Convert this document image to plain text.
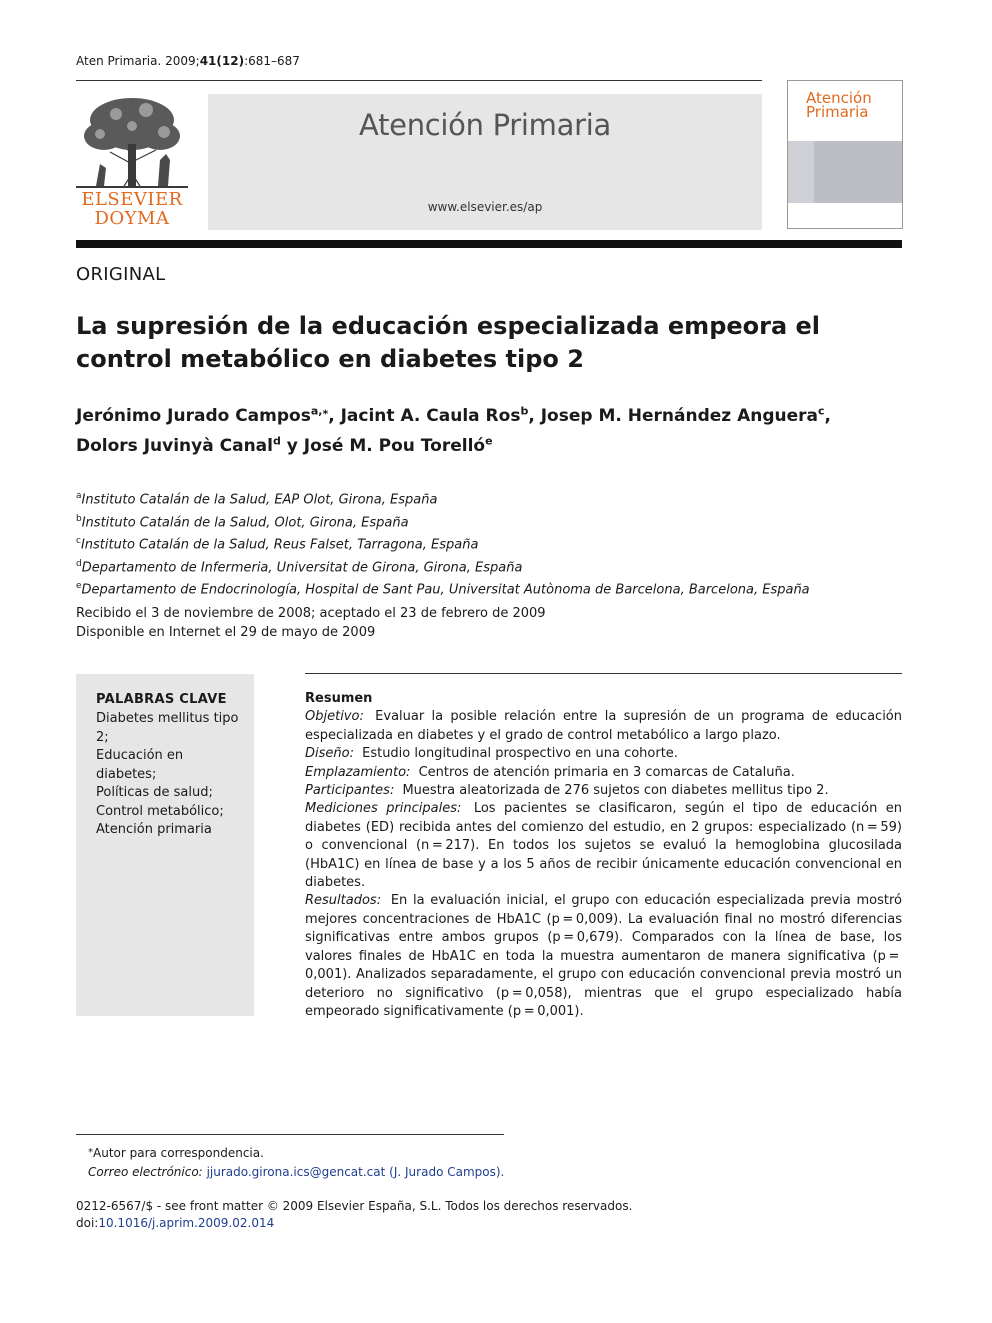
Aten Primaria. 2009;41(12):681–687
ELSEVIER
DOYMA
Atención Primaria
www.elsevier.es/ap
Atención
Primaria
ORIGINAL
La supresión de la educación especializada empeora el control metabólico en diabetes tipo 2
Jerónimo Jurado Campos$^{a,⁎}$, Jacint A. Caula Ros$^b$, Josep M. Hernández Anguera$^c$,
Dolors Juvinyà Canal$^d$ y José M. Pou Torelló$^e$
$^a$Instituto Catalán de la Salud, EAP Olot, Girona, España
$^b$Instituto Catalán de la Salud, Olot, Girona, España
$^c$Instituto Catalán de la Salud, Reus Falset, Tarragona, España
$^d$Departamento de Infermeria, Universitat de Girona, Girona, España
$^e$Departamento de Endocrinología, Hospital de Sant Pau, Universitat Autònoma de Barcelona, Barcelona, España
Recibido el 3 de noviembre de 2008; aceptado el 23 de febrero de 2009
Disponible en Internet el 29 de mayo de 2009
PALABRAS CLAVE
Diabetes mellitus tipo 2;
Educación en diabetes;
Políticas de salud;
Control metabólico;
Atención primaria
Resumen
Objetivo: Evaluar la posible relación entre la supresión de un programa de educación especializada en diabetes y el grado de control metabólico a largo plazo.
Diseño: Estudio longitudinal prospectivo en una cohorte.
Emplazamiento: Centros de atención primaria en 3 comarcas de Cataluña.
Participantes: Muestra aleatorizada de 276 sujetos con diabetes mellitus tipo 2.
Mediciones principales: Los pacientes se clasificaron, según el tipo de educación en diabetes (ED) recibida antes del comienzo del estudio, en 2 grupos: especializado (n = 59) o convencional (n = 217). En todos los sujetos se evaluó la hemoglobina glucosilada (HbA1C) en línea de base y a los 5 años de recibir únicamente educación convencional en diabetes.
Resultados: En la evaluación inicial, el grupo con educación especializada previa mostró mejores concentraciones de HbA1C (p = 0,009). La evaluación final no mostró diferencias significativas entre ambos grupos (p = 0,679). Comparados con la línea de base, los valores finales de HbA1C en toda la muestra aumentaron de manera significativa (p = 0,001). Analizados separadamente, el grupo con educación convencional previa mostró un deterioro no significativo (p = 0,058), mientras que el grupo especializado había empeorado significativamente (p = 0,001).
⁎Autor para correspondencia.
Correo electrónico: jjurado.girona.ics@gencat.cat (J. Jurado Campos).
0212-6567/$ - see front matter © 2009 Elsevier España, S.L. Todos los derechos reservados.
doi:10.1016/j.aprim.2009.02.014
